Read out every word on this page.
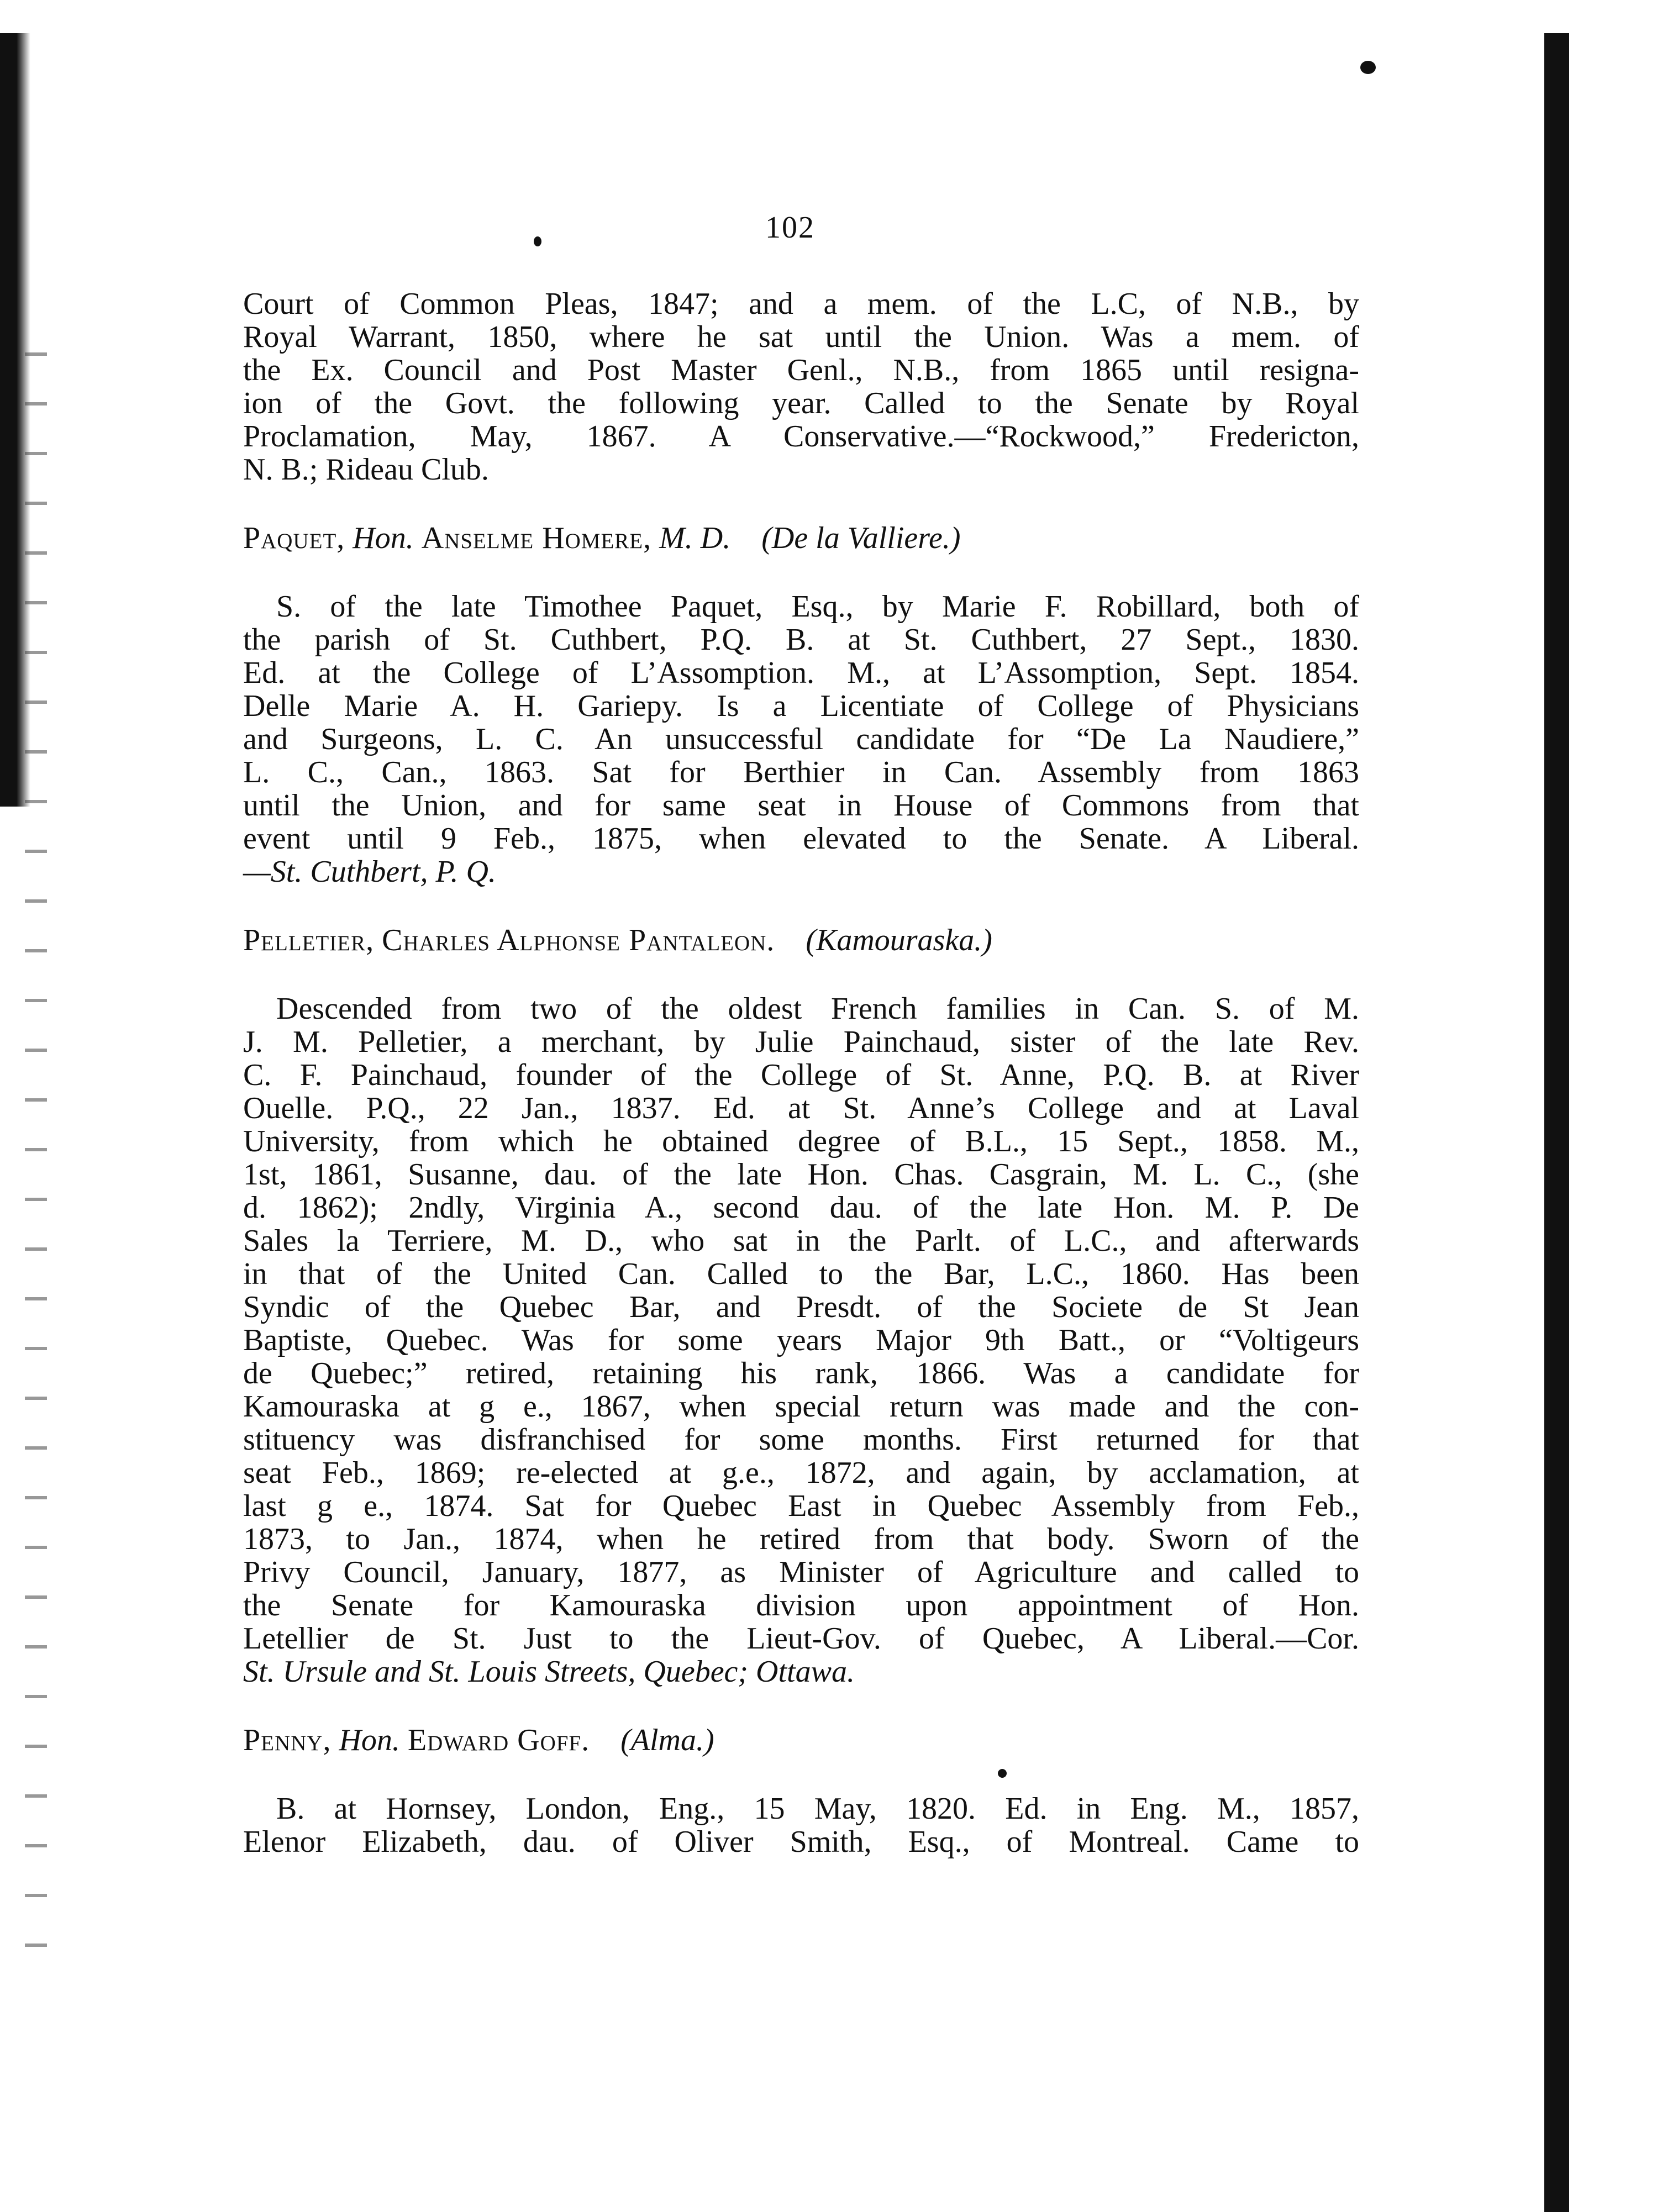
102
Court of Common Pleas, 1847; and a mem. of the L.C, of N.B., by
Royal Warrant, 1850, where he sat until the Union. Was a mem. of
the Ex. Council and Post Master Genl., N.B., from 1865 until resigna-
ion of the Govt. the following year. Called to the Senate by Royal
Proclamation, May, 1867. A Conservative.—“Rockwood,” Fredericton,
N. B.; Rideau Club.
Paquet, Hon. Anselme Homere, M. D. (De la Valliere.)
S. of the late Timothee Paquet, Esq., by Marie F. Robillard, both of
the parish of St. Cuthbert, P.Q. B. at St. Cuthbert, 27 Sept., 1830.
Ed. at the College of L’Assomption. M., at L’Assomption, Sept. 1854.
Delle Marie A. H. Gariepy. Is a Licentiate of College of Physicians
and Surgeons, L. C. An unsuccessful candidate for “De La Naudiere,”
L. C., Can., 1863. Sat for Berthier in Can. Assembly from 1863
until the Union, and for same seat in House of Commons from that
event until 9 Feb., 1875, when elevated to the Senate. A Liberal.
—St. Cuthbert, P. Q.
Pelletier, Charles Alphonse Pantaleon. (Kamouraska.)
Descended from two of the oldest French families in Can. S. of M.
J. M. Pelletier, a merchant, by Julie Painchaud, sister of the late Rev.
C. F. Painchaud, founder of the College of St. Anne, P.Q. B. at River
Ouelle. P.Q., 22 Jan., 1837. Ed. at St. Anne’s College and at Laval
University, from which he obtained degree of B.L., 15 Sept., 1858. M.,
1st, 1861, Susanne, dau. of the late Hon. Chas. Casgrain, M. L. C., (she
d. 1862); 2ndly, Virginia A., second dau. of the late Hon. M. P. De
Sales la Terriere, M. D., who sat in the Parlt. of L.C., and afterwards
in that of the United Can. Called to the Bar, L.C., 1860. Has been
Syndic of the Quebec Bar, and Presdt. of the Societe de St Jean
Baptiste, Quebec. Was for some years Major 9th Batt., or “Voltigeurs
de Quebec;” retired, retaining his rank, 1866. Was a candidate for
Kamouraska at g e., 1867, when special return was made and the con-
stituency was disfranchised for some months. First returned for that
seat Feb., 1869; re-elected at g.e., 1872, and again, by acclamation, at
last g e., 1874. Sat for Quebec East in Quebec Assembly from Feb.,
1873, to Jan., 1874, when he retired from that body. Sworn of the
Privy Council, January, 1877, as Minister of Agriculture and called to
the Senate for Kamouraska division upon appointment of Hon.
Letellier de St. Just to the Lieut-Gov. of Quebec, A Liberal.—Cor.
St. Ursule and St. Louis Streets, Quebec; Ottawa.
Penny, Hon. Edward Goff. (Alma.)
B. at Hornsey, London, Eng., 15 May, 1820. Ed. in Eng. M., 1857,
Elenor Elizabeth, dau. of Oliver Smith, Esq., of Montreal. Came to
